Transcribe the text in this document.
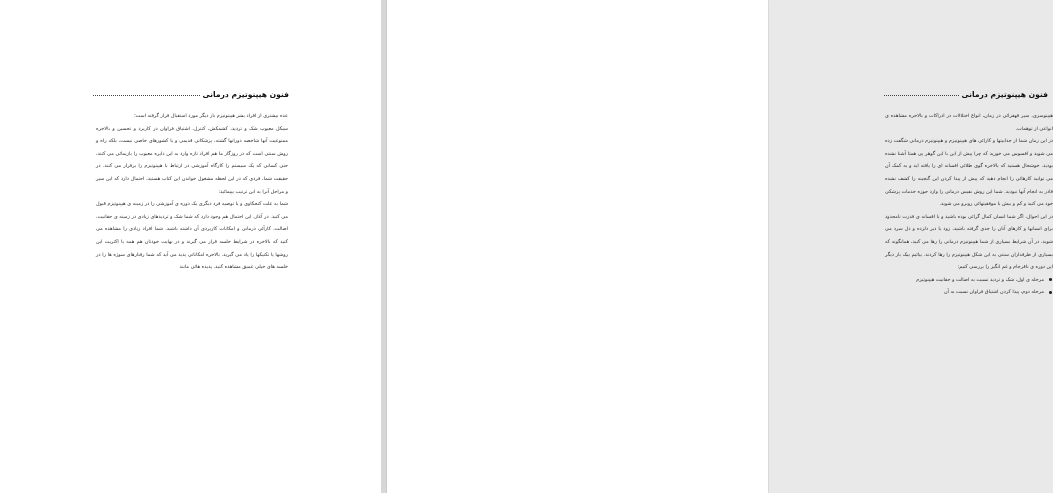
فنون هیپنوتیزم درمانی

عده بیشتری از افراد بشر هیپنوتیزم باز دیگر مورد استقبال قرار گرفته است؛

سیکل معیوب شک و تردید، کشمکش، کنترل، اشتیاق فراوان در کاربرد و تحسین و بالاخره ممنوعیت آنها شاخصه دورانها گشته، پزشکانی قدیمی و یا کشورهای خاصی نیست، بلکه راه و روش سنتی است که در روزگار ما هم افراد تازه وارد به این دایره معیوب را بازیمائی می کنند، حتی کسانی که یک سیستم را کارگاه آموزشی در ارتباط با هیپنوتیزم را برقرار می کنند. در حقیقت شما، فردی که در این لحظه مشغول خواندن این کتاب هستید، احتمال دارد که این سیر و مراحل آنرا به این ترتیب بپیمائید:

شما به علت کنجکاوی و یا توصیه فرد دیگری یک دوره ی آموزشی را در زمینه ی هیپنوتیزم قبول می کنید. در آغاز، این احتمال هم وجود دارد که شما شک و تردیدهای زیادی در زمینه ی حقانیت، اصالت، کارآئی درمانی و امکانات کاربردی آن داشته باشید. شما افراد زیادی را مشاهده می کنید که بالاخره در شرایط خلسه قرار می گیرند و در نهایت خودتان هم همه یا اکثریت این روشها یا تکنیکها را یاد می گیرید. بالاخره امکاناتی پدید می آید که شما رفتارهای سوژه ها را در خلسه های خیلی عمیق مشاهده کنید. پدیده هائی مانند

فنون هیپنوتیزم درمانی

هیپنوسزی، سیر قهقرائی در زمان، انواع اختلالات در ادراکات و بالاخره مشاهده ی انواعی از توهمات.

در این زمان شما از جذابیتها و کارائی های هیپنوتیزم و هیپنوتیزم درمانی شگفت زده می شوید و افسوس می خورید که چرا پیش از این با این گوهر پی همتا آشنا نشده بودید. خوشحال هستید که بالاخره گوی طلائی افسانه ای را یافته اید و به کمک آن می توانید کارهائی را انجام دهید که پیش از پیدا کردن این گنجینه را کشف نشده قادر به انجام آنها نبودید. شما این روش نفیس درمانی را وارد حوزه خدمات پزشکی خود می کنید و کم و بیش با موفقیتهائی روبرو می شوید.

در این احوال، اگر شما انسان کمال گرائی بوده باشید و با افسانه ی قدرت نامحدود برای انسانها و کارهای آنان را جدی گرفته باشید، زود یا دیر دلزده و دل سرد می شوید. در آن شرایط بسیاری از شما هیپنوتیزم درمانی را رها می کنید، همانگونه که بسیاری از طرفداران سنتی به این شکل هیپنوتیزم را رها کردند. بیائیم بیک بار دیگر این دوره ی ناقرجام و غم انگیز را بررسی کنیم:

مرحله ی اول، شک و تردید نسبت به اصالت و حقانیت هیپنوتیزم
مرحله دوم، پیدا کردن اشتیاق فراوان نسبت به آن
